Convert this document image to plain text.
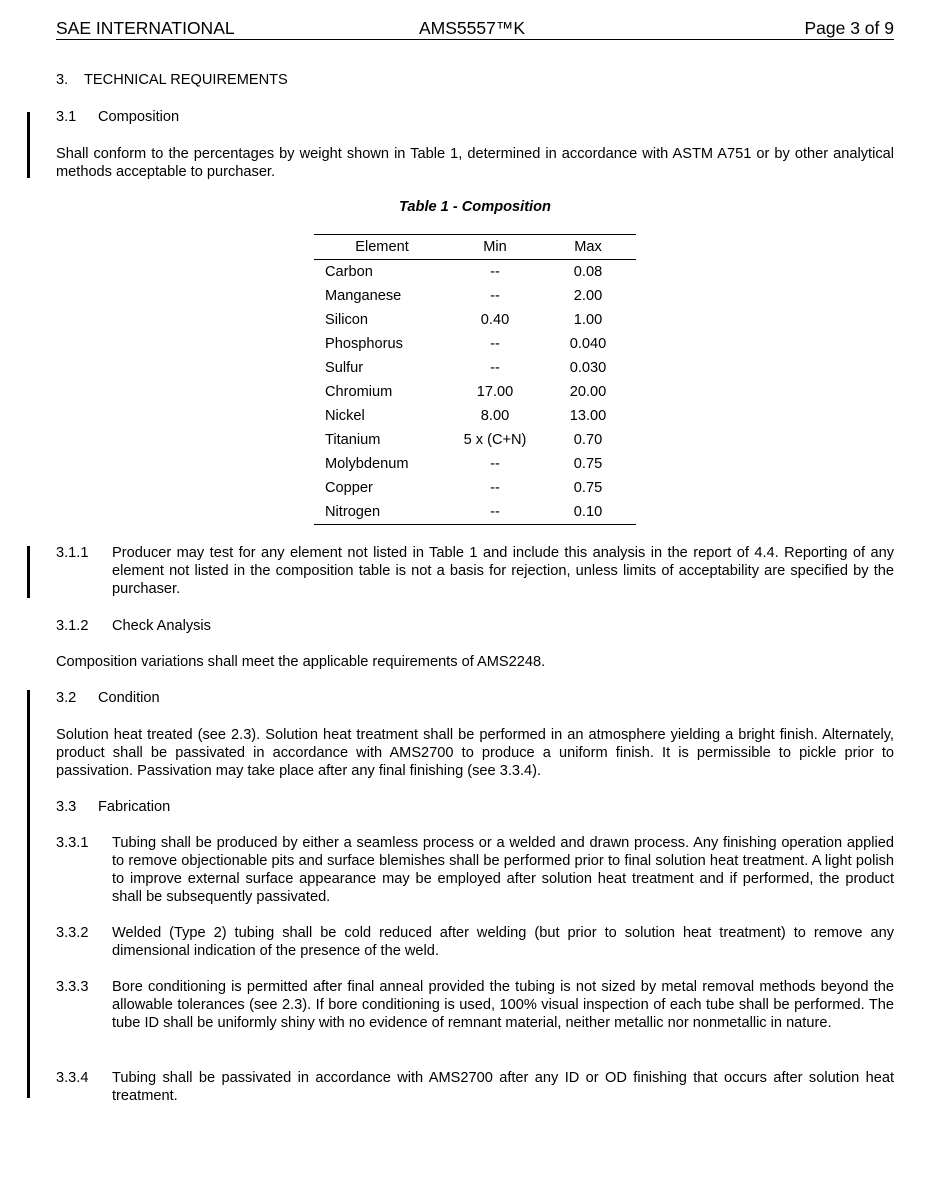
SAE INTERNATIONAL	AMS5557™K	Page 3 of 9
3. TECHNICAL REQUIREMENTS
3.1 Composition
Shall conform to the percentages by weight shown in Table 1, determined in accordance with ASTM A751 or by other analytical methods acceptable to purchaser.
Table 1 - Composition
Element	Min	Max
Carbon	--	0.08
Manganese	--	2.00
Silicon	0.40	1.00
Phosphorus	--	0.040
Sulfur	--	0.030
Chromium	17.00	20.00
Nickel	8.00	13.00
Titanium	5 x (C+N)	0.70
Molybdenum	--	0.75
Copper	--	0.75
Nitrogen	--	0.10
3.1.1 Producer may test for any element not listed in Table 1 and include this analysis in the report of 4.4. Reporting of any element not listed in the composition table is not a basis for rejection, unless limits of acceptability are specified by the purchaser.
3.1.2 Check Analysis
Composition variations shall meet the applicable requirements of AMS2248.
3.2 Condition
Solution heat treated (see 2.3). Solution heat treatment shall be performed in an atmosphere yielding a bright finish. Alternately, product shall be passivated in accordance with AMS2700 to produce a uniform finish. It is permissible to pickle prior to passivation. Passivation may take place after any final finishing (see 3.3.4).
3.3 Fabrication
3.3.1 Tubing shall be produced by either a seamless process or a welded and drawn process. Any finishing operation applied to remove objectionable pits and surface blemishes shall be performed prior to final solution heat treatment. A light polish to improve external surface appearance may be employed after solution heat treatment and if performed, the product shall be subsequently passivated.
3.3.2 Welded (Type 2) tubing shall be cold reduced after welding (but prior to solution heat treatment) to remove any dimensional indication of the presence of the weld.
3.3.3 Bore conditioning is permitted after final anneal provided the tubing is not sized by metal removal methods beyond the allowable tolerances (see 2.3). If bore conditioning is used, 100% visual inspection of each tube shall be performed. The tube ID shall be uniformly shiny with no evidence of remnant material, neither metallic nor nonmetallic in nature.
3.3.4 Tubing shall be passivated in accordance with AMS2700 after any ID or OD finishing that occurs after solution heat treatment.
